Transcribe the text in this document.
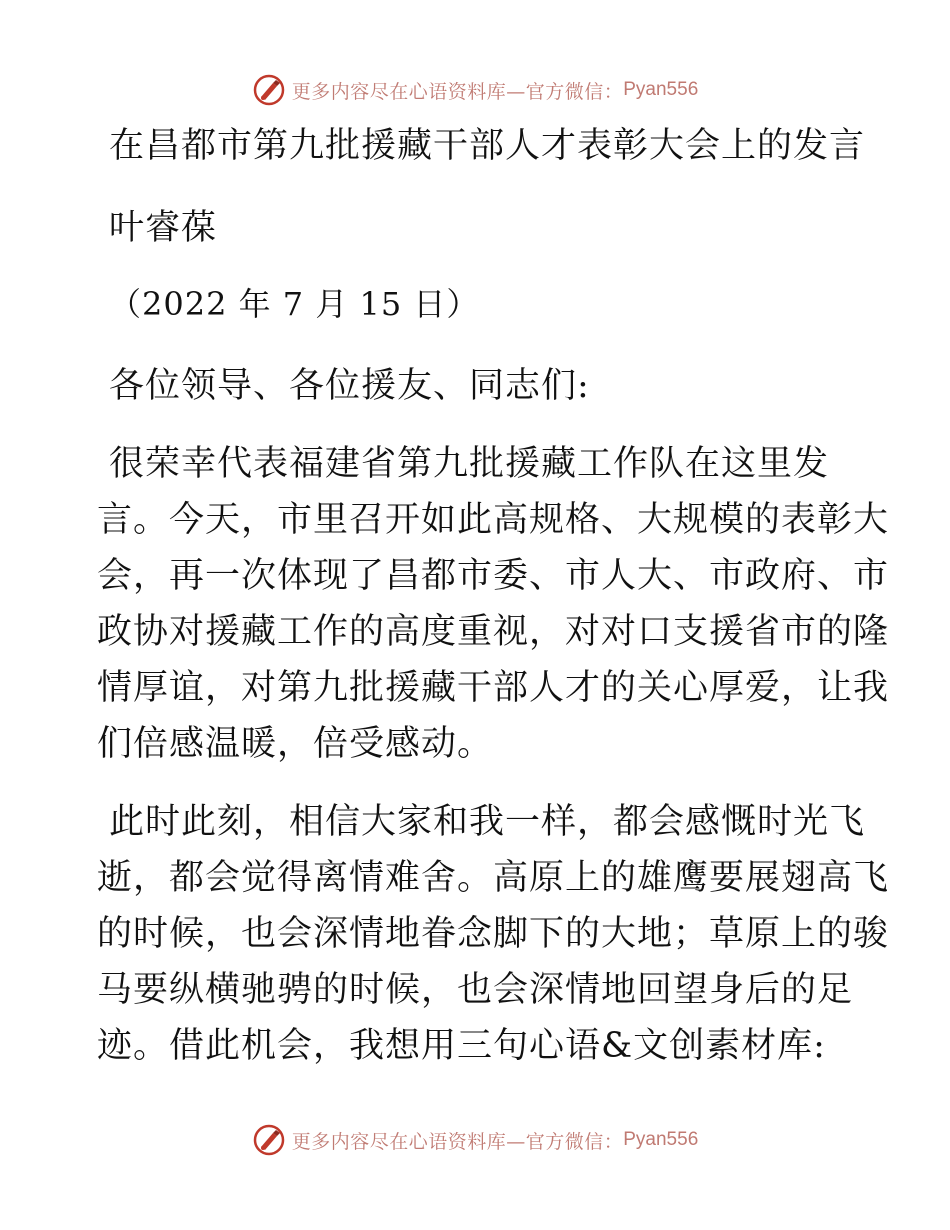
更多内容尽在心语资料库—官方微信： Pyan556

在昌都市第九批援藏干部人才表彰大会上的发言

叶睿葆

（2022 年 7 月 15 日）

各位领导、各位援友、同志们:

很荣幸代表福建省第九批援藏工作队在这里发

言。今天，市里召开如此高规格、大规模的表彰大

会，再一次体现了昌都市委、市人大、市政府、市

政协对援藏工作的高度重视，对对口支援省市的隆

情厚谊，对第九批援藏干部人才的关心厚爱，让我

们倍感温暖，倍受感动。

此时此刻，相信大家和我一样，都会感慨时光飞

逝，都会觉得离情难舍。高原上的雄鹰要展翅高飞

的时候，也会深情地眷念脚下的大地；草原上的骏

马要纵横驰骋的时候，也会深情地回望身后的足

迹。借此机会，我想用三句心语&文创素材库:

更多内容尽在心语资料库—官方微信： Pyan556
